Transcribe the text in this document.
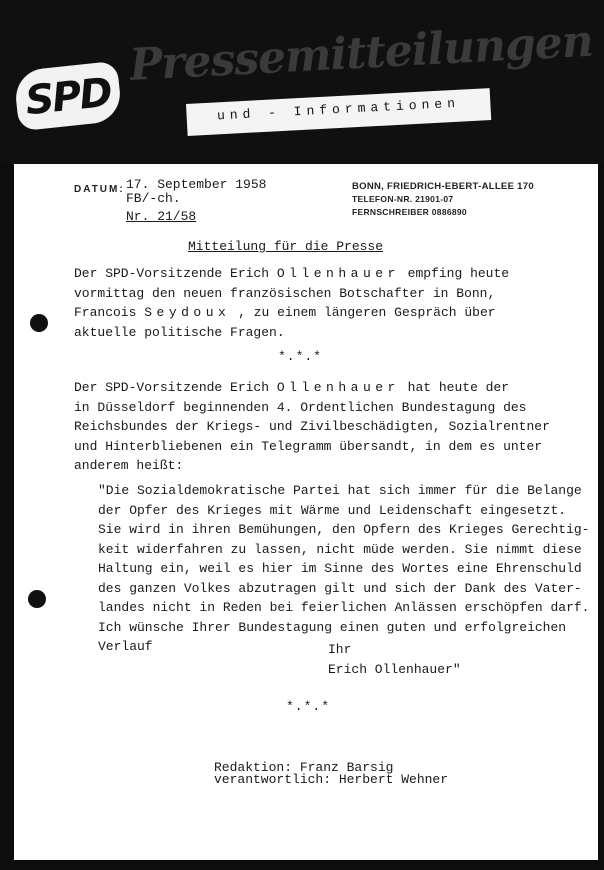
SPD
Pressemitteilungen
und - Informationen
DATUM: 17. September 1958
FB/-ch.
Nr. 21/58
BONN, FRIEDRICH-EBERT-ALLEE 170
TELEFON-NR. 21901-07
FERNSCHREIBER 0886890
Mitteilung für die Presse

Der SPD-Vorsitzende Erich Ollenhauer empfing heute

vormittag den neuen französischen Botschafter in Bonn,

Francois Seydoux , zu einem längeren Gespräch über

aktuelle politische Fragen.

*.*.*

Der SPD-Vorsitzende Erich Ollenhauer hat heute der

in Düsseldorf beginnenden 4. Ordentlichen Bundestagung des

Reichsbundes der Kriegs- und Zivilbeschädigten, Sozialrentner

und Hinterbliebenen ein Telegramm übersandt, in dem es unter

anderem heißt:

"Die Sozialdemokratische Partei hat sich immer für die Belange

der Opfer des Krieges mit Wärme und Leidenschaft eingesetzt.

Sie wird in ihren Bemühungen, den Opfern des Krieges Gerechtig-

keit widerfahren zu lassen, nicht müde werden. Sie nimmt diese

Haltung ein, weil es hier im Sinne des Wortes eine Ehrenschuld

des ganzen Volkes abzutragen gilt und sich der Dank des Vater-

landes nicht in Reden bei feierlichen Anlässen erschöpfen darf.

Ich wünsche Ihrer Bundestagung einen guten und erfolgreichen

Verlauf	Ihr

Erich Ollenhauer"

*.*.*

Redaktion: Franz Barsig

verantwortlich: Herbert Wehner
